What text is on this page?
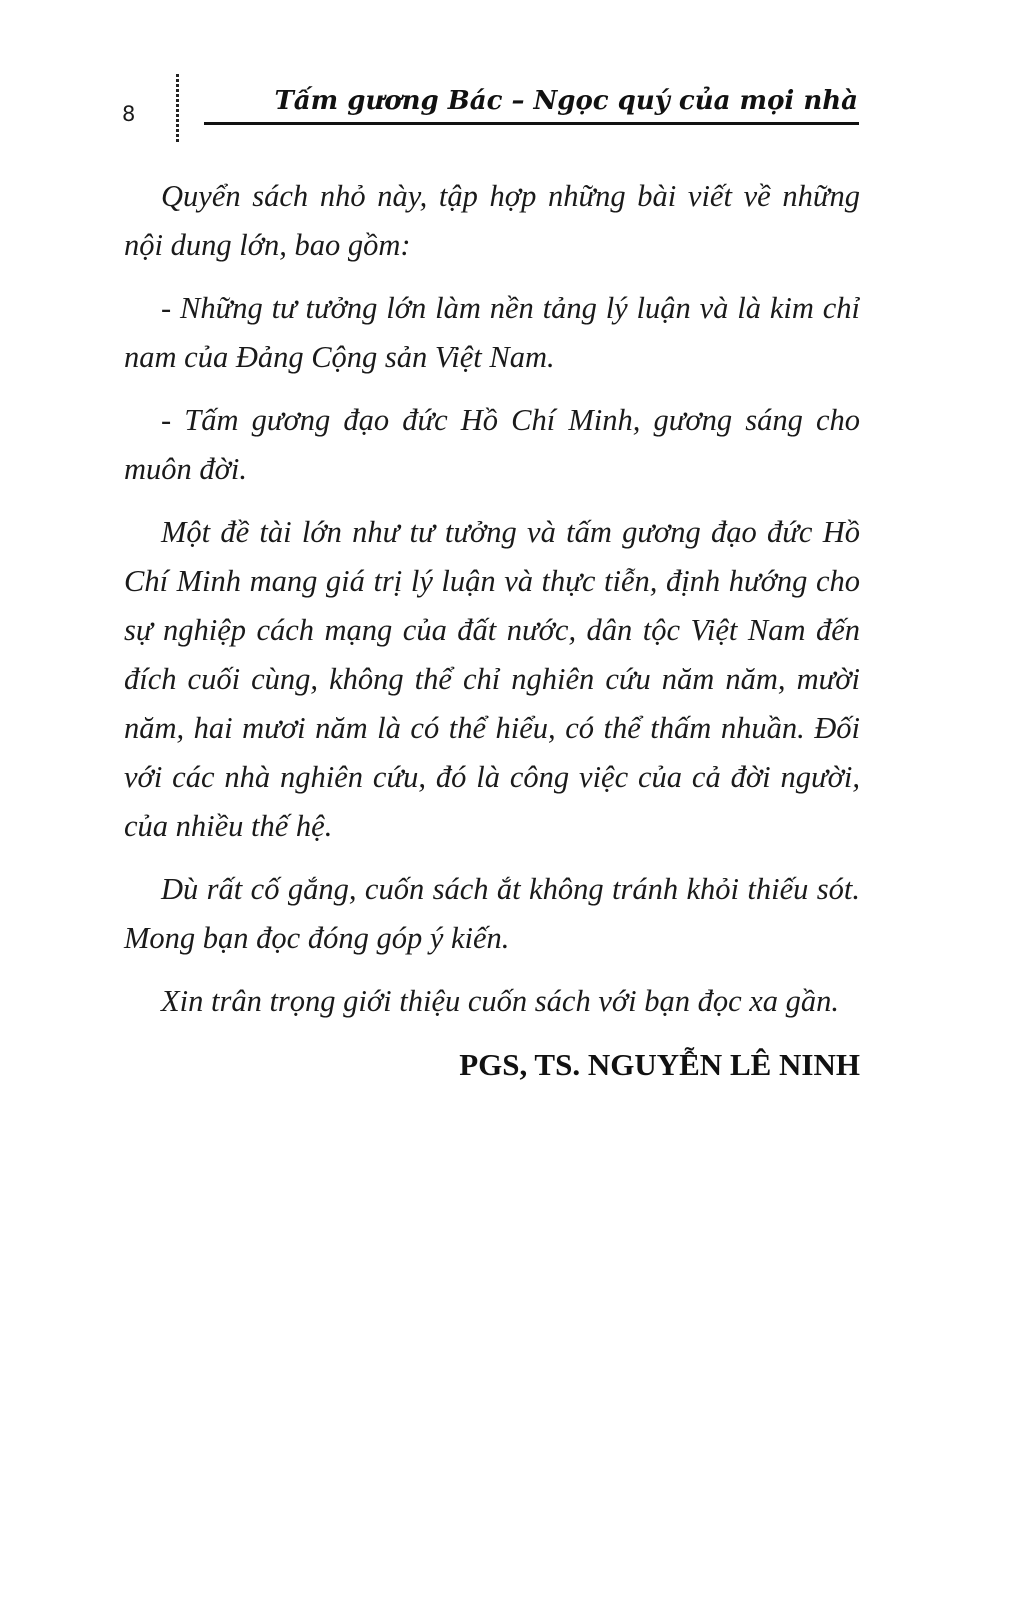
8	Tấm gương Bác – Ngọc quý của mọi nhà

Quyển sách nhỏ này, tập hợp những bài viết về những nội dung lớn, bao gồm:

- Những tư tưởng lớn làm nền tảng lý luận và là kim chỉ nam của Đảng Cộng sản Việt Nam.

- Tấm gương đạo đức Hồ Chí Minh, gương sáng cho muôn đời.

Một đề tài lớn như tư tưởng và tấm gương đạo đức Hồ Chí Minh mang giá trị lý luận và thực tiễn, định hướng cho sự nghiệp cách mạng của đất nước, dân tộc Việt Nam đến đích cuối cùng, không thể chỉ nghiên cứu năm năm, mười năm, hai mươi năm là có thể hiểu, có thể thấm nhuần. Đối với các nhà nghiên cứu, đó là công việc của cả đời người, của nhiều thế hệ.

Dù rất cố gắng, cuốn sách ắt không tránh khỏi thiếu sót. Mong bạn đọc đóng góp ý kiến.

Xin trân trọng giới thiệu cuốn sách với bạn đọc xa gần.

PGS, TS. NGUYỄN LÊ NINH
